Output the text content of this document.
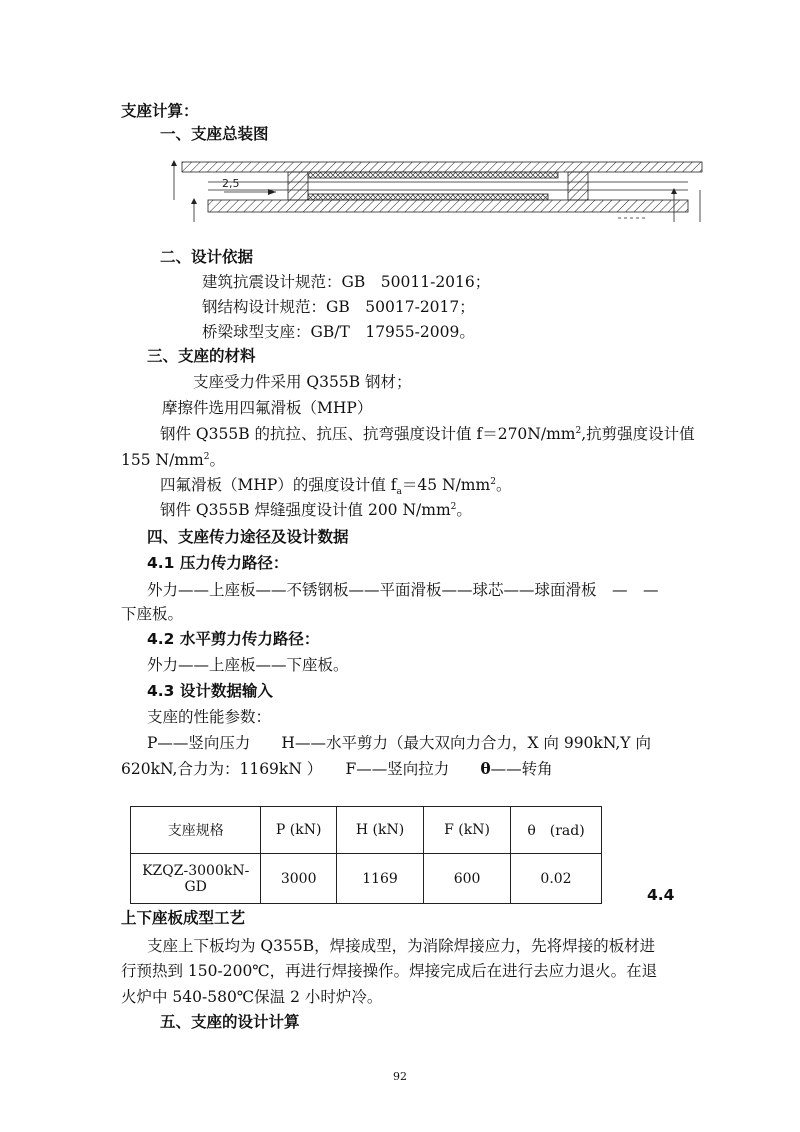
支座计算：
一、支座总装图
2,5
二、设计依据
建筑抗震设计规范：GB　50011-2016；
钢结构设计规范：GB　50017-2017；
桥梁球型支座：GB/T　17955-2009。
三、支座的材料
支座受力件采用 Q355B 钢材；
摩擦件选用四氟滑板（MHP）
钢件 Q355B 的抗拉、抗压、抗弯强度设计值 $f=270N/mm^2$,抗剪强度设计值
155 $N/mm^2$。
四氟滑板（MHP）的强度设计值 $f_a=45$ $N/mm^2$。
钢件 Q355B 焊缝强度设计值 200 $N/mm^2$。
四、支座传力途径及设计数据
4.1 压力传力路径：
外力——上座板——不锈钢板——平面滑板——球芯——球面滑板　—　—
下座板。
4.2 水平剪力传力路径：
外力——上座板——下座板。
4.3 设计数据输入
支座的性能参数：
P——竖向压力　　H——水平剪力（最大双向力合力，X 向 990kN,Y 向
620kN,合力为：1169kN ）　　F——竖向拉力　　θ——转角
支座规格	P (kN)	H (kN)	F (kN)	θ　(rad)
KZQZ-3000kN-GD	3000	1169	600	0.02
4.4
上下座板成型工艺
支座上下板均为 Q355B，焊接成型，为消除焊接应力，先将焊接的板材进
行预热到 150-200℃，再进行焊接操作。焊接完成后在进行去应力退火。在退
火炉中 540-580℃保温 2 小时炉冷。
五、支座的设计计算
92
